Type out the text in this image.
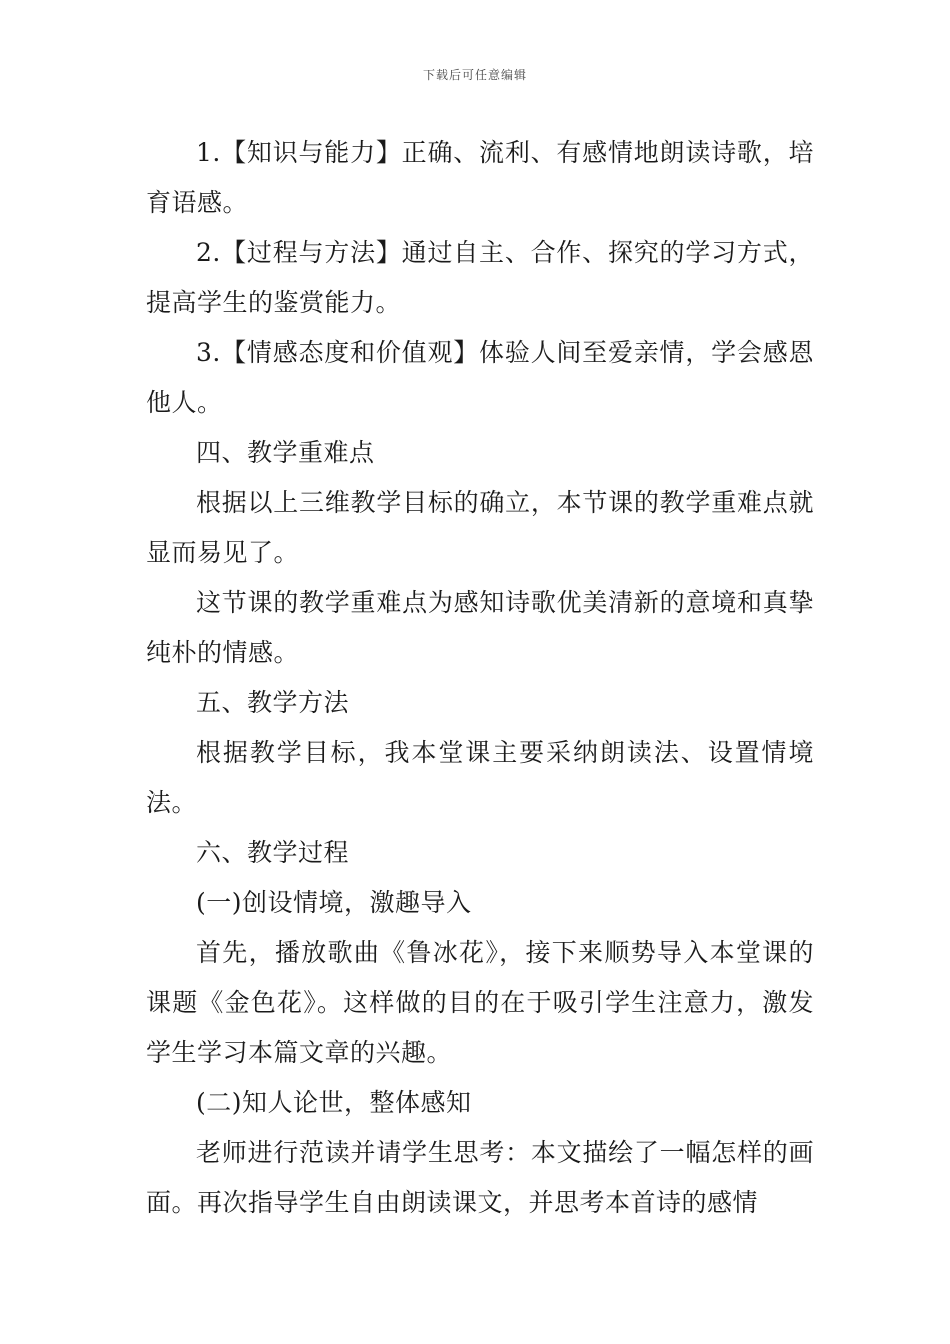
下载后可任意编辑

1.【知识与能力】正确、流利、有感情地朗读诗歌，培育语感。

2.【过程与方法】通过自主、合作、探究的学习方式，提高学生的鉴赏能力。

3.【情感态度和价值观】体验人间至爱亲情，学会感恩他人。

四、教学重难点

根据以上三维教学目标的确立，本节课的教学重难点就显而易见了。

这节课的教学重难点为感知诗歌优美清新的意境和真挚纯朴的情感。

五、教学方法

根据教学目标，我本堂课主要采纳朗读法、设置情境法。

六、教学过程

(一)创设情境，激趣导入

首先，播放歌曲《鲁冰花》，接下来顺势导入本堂课的课题《金色花》。这样做的目的在于吸引学生注意力，激发学生学习本篇文章的兴趣。

(二)知人论世，整体感知

老师进行范读并请学生思考：本文描绘了一幅怎样的画面。再次指导学生自由朗读课文，并思考本首诗的感情
